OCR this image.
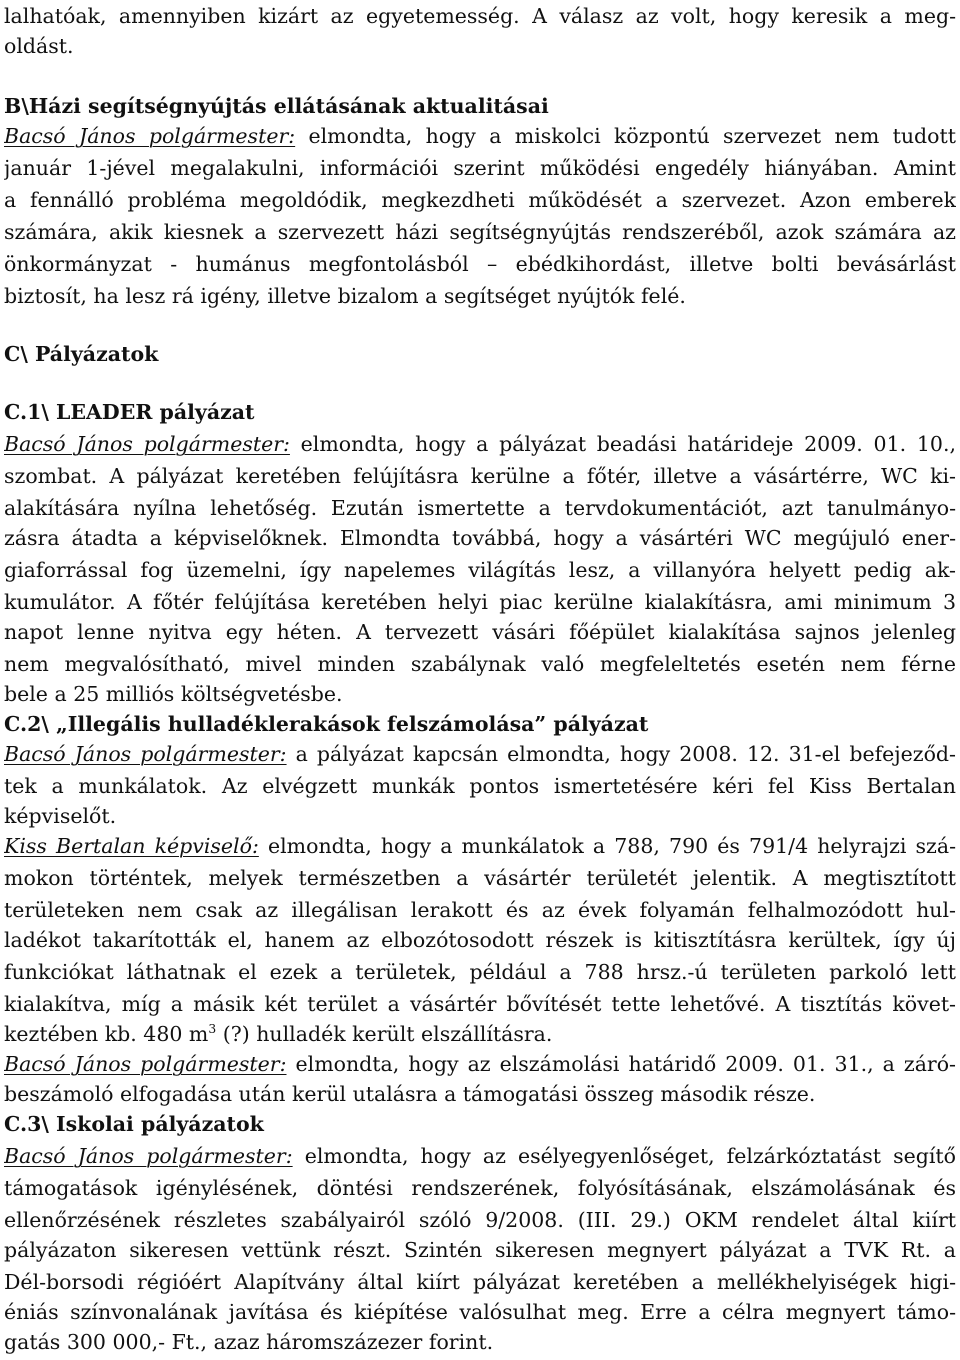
lalhatóak, amennyiben kizárt az egyetemesség. A válasz az volt, hogy keresik a meg-
oldást.
B\Házi segítségnyújtás ellátásának aktualitásai
Bacsó János polgármester: elmondta, hogy a miskolci központú szervezet nem tudott
január 1-jével megalakulni, információi szerint működési engedély hiányában. Amint
a fennálló probléma megoldódik, megkezdheti működését a szervezet. Azon emberek
számára, akik kiesnek a szervezett házi segítségnyújtás rendszeréből, azok számára az
önkormányzat - humánus megfontolásból – ebédkihordást, illetve bolti bevásárlást
biztosít, ha lesz rá igény, illetve bizalom a segítséget nyújtók felé.
C\ Pályázatok
C.1\ LEADER pályázat
Bacsó János polgármester: elmondta, hogy a pályázat beadási határideje 2009. 01. 10.,
szombat. A pályázat keretében felújításra kerülne a főtér, illetve a vásártérre, WC ki-
alakítására nyílna lehetőség. Ezután ismertette a tervdokumentációt, azt tanulmányo-
zásra átadta a képviselőknek. Elmondta továbbá, hogy a vásártéri WC megújuló ener-
giaforrással fog üzemelni, így napelemes világítás lesz, a villanyóra helyett pedig ak-
kumulátor. A főtér felújítása keretében helyi piac kerülne kialakításra, ami minimum 3
napot lenne nyitva egy héten. A tervezett vásári főépület kialakítása sajnos jelenleg
nem megvalósítható, mivel minden szabálynak való megfeleltetés esetén nem férne
bele a 25 milliós költségvetésbe.
C.2\ „Illegális hulladéklerakások felszámolása” pályázat
Bacsó János polgármester: a pályázat kapcsán elmondta, hogy 2008. 12. 31-el befejeződ-
tek a munkálatok. Az elvégzett munkák pontos ismertetésére kéri fel Kiss Bertalan
képviselőt.
Kiss Bertalan képviselő: elmondta, hogy a munkálatok a 788, 790 és 791/4 helyrajzi szá-
mokon történtek, melyek természetben a vásártér területét jelentik. A megtisztított
területeken nem csak az illegálisan lerakott és az évek folyamán felhalmozódott hul-
ladékot takarították el, hanem az elbozótosodott részek is kitisztításra kerültek, így új
funkciókat láthatnak el ezek a területek, például a 788 hrsz.-ú területen parkoló lett
kialakítva, míg a másik két terület a vásártér bővítését tette lehetővé. A tisztítás követ-
keztében kb. 480 $m^3$ (?) hulladék került elszállításra.
Bacsó János polgármester: elmondta, hogy az elszámolási határidő 2009. 01. 31., a záró-
beszámoló elfogadása után kerül utalásra a támogatási összeg második része.
C.3\ Iskolai pályázatok
Bacsó János polgármester: elmondta, hogy az esélyegyenlőséget, felzárkóztatást segítő
támogatások igénylésének, döntési rendszerének, folyósításának, elszámolásának és
ellenőrzésének részletes szabályairól szóló 9/2008. (III. 29.) OKM rendelet által kiírt
pályázaton sikeresen vettünk részt. Szintén sikeresen megnyert pályázat a TVK Rt. a
Dél-borsodi régióért Alapítvány által kiírt pályázat keretében a mellékhelyiségek higi-
éniás színvonalának javítása és kiépítése valósulhat meg. Erre a célra megnyert támo-
gatás 300 000,- Ft., azaz háromszázezer forint.
